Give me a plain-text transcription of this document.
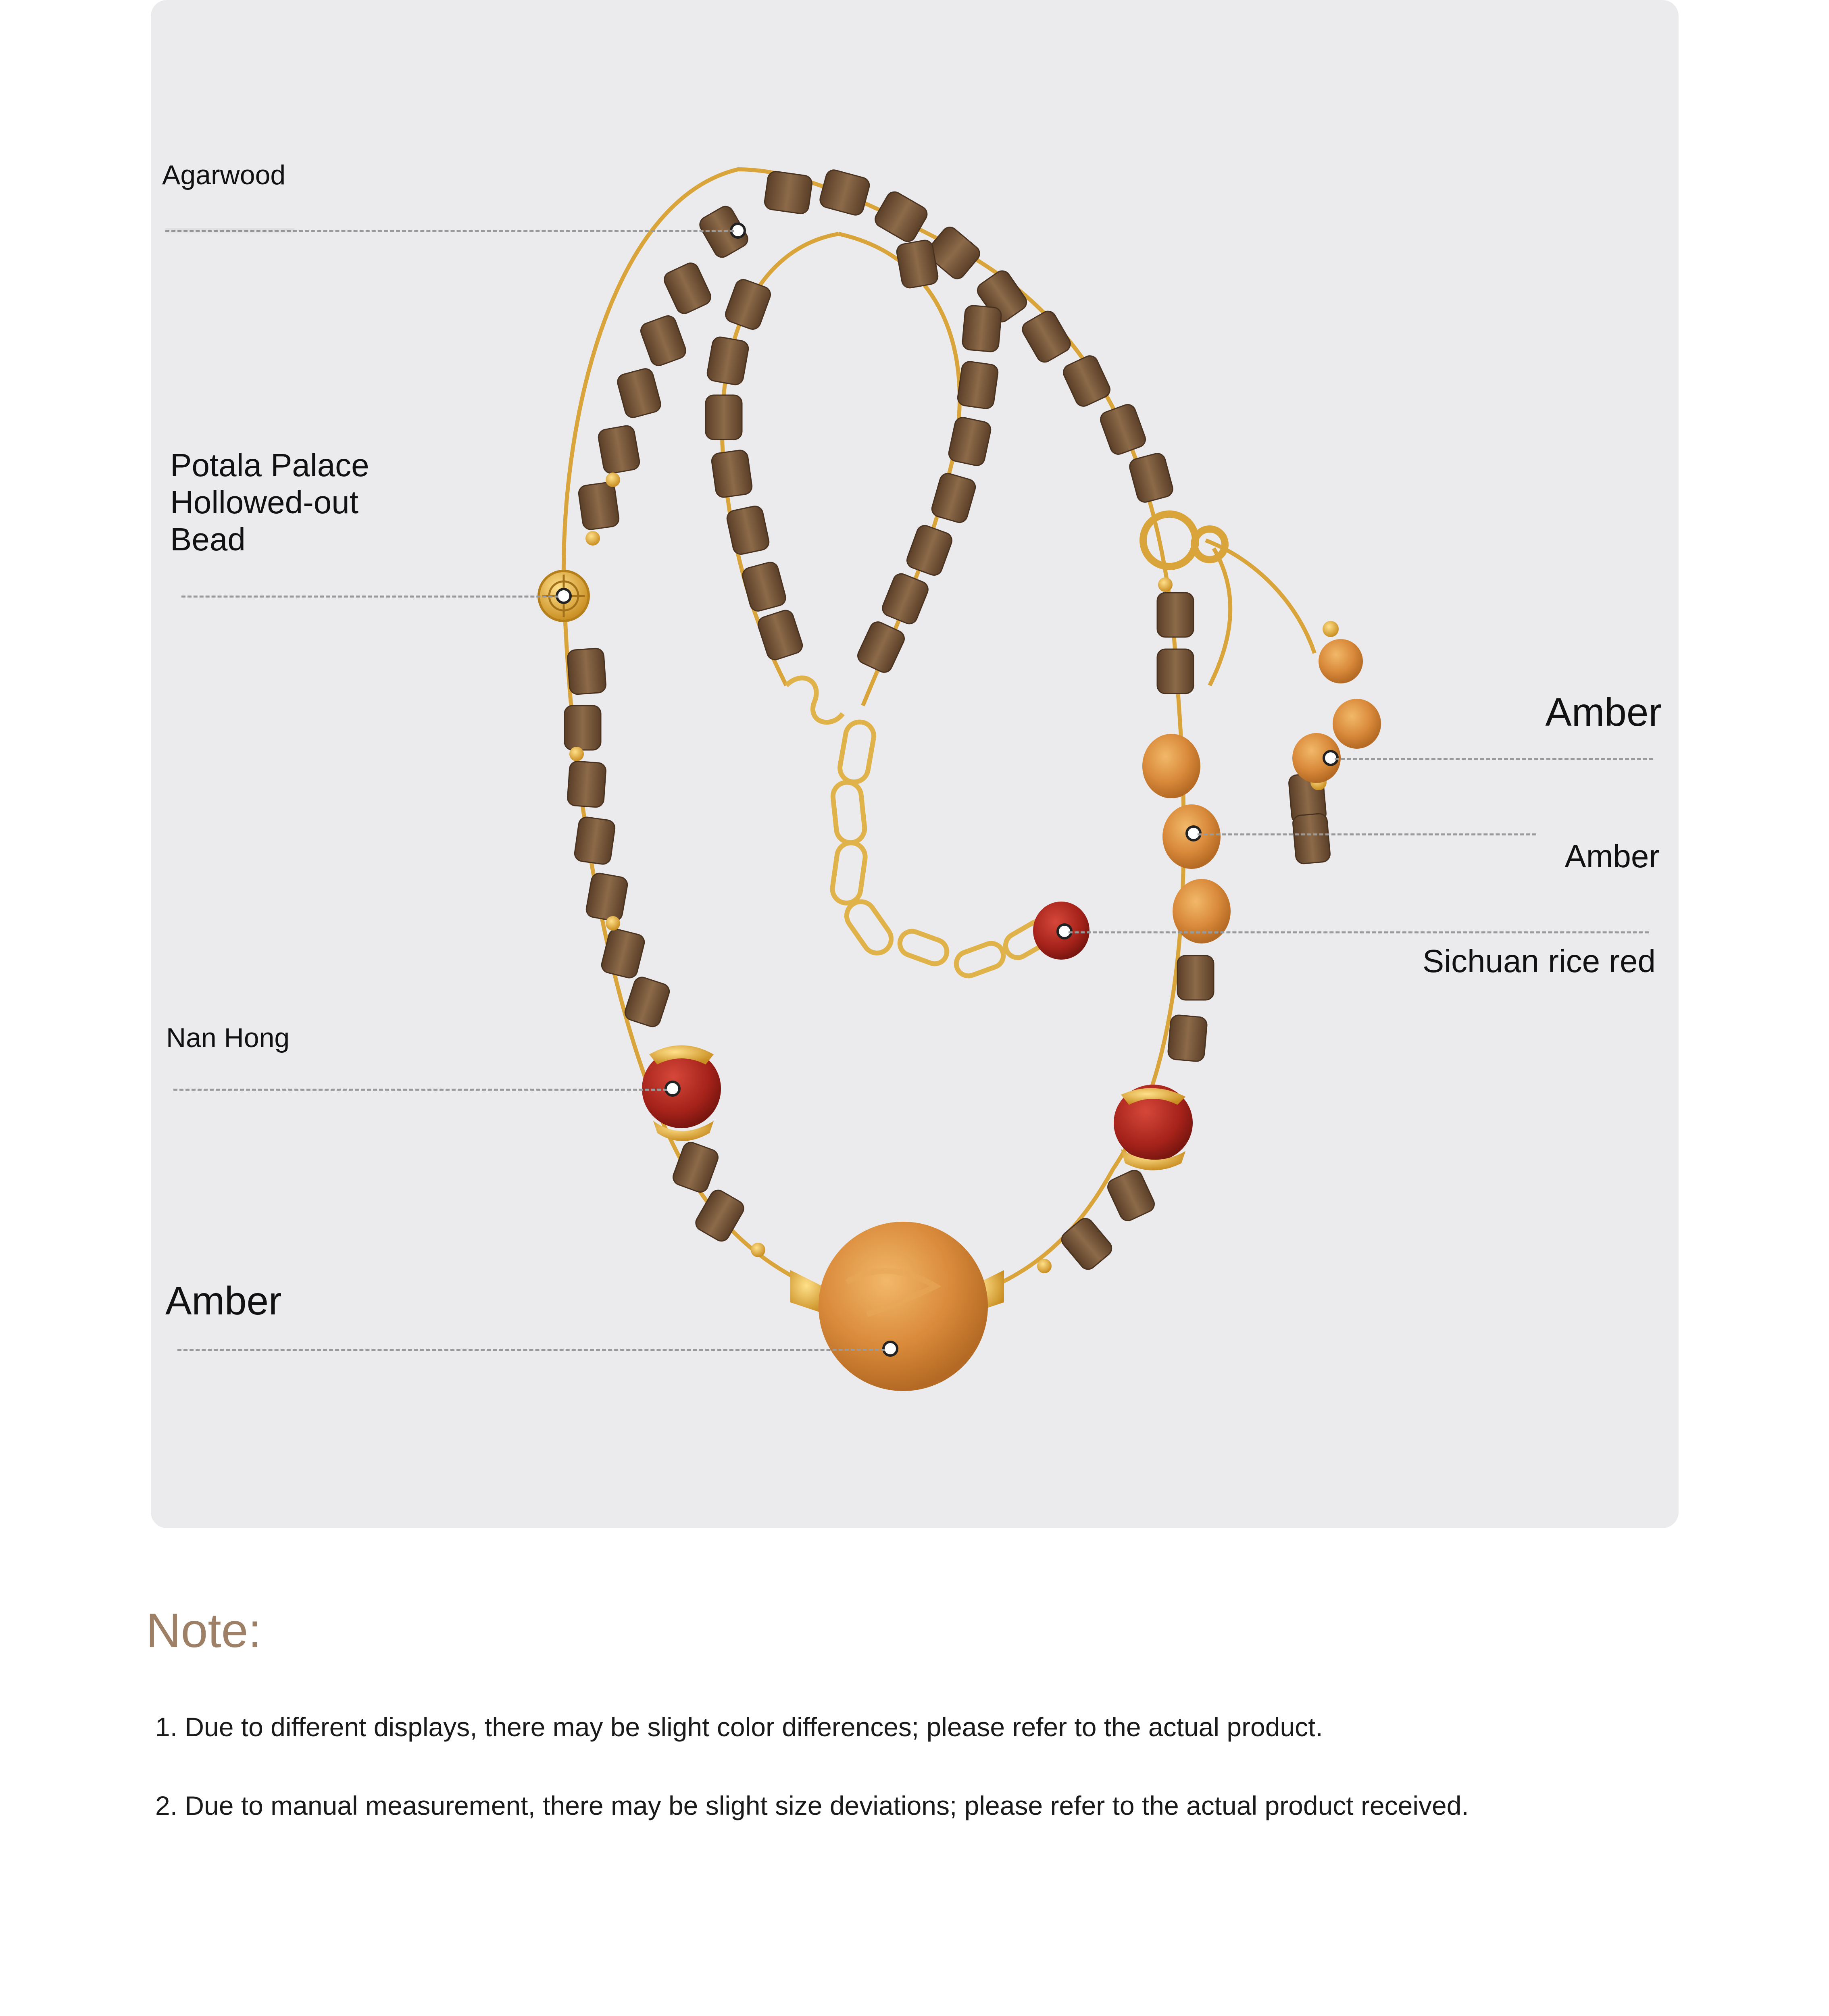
Agarwood
Potala Palace
Hollowed-out
Bead
Nan Hong
Amber
Amber
Amber
Sichuan rice red
Note:
1. Due to different displays, there may be slight color differences; please refer to the actual product.
2. Due to manual measurement, there may be slight size deviations; please refer to the actual product received.
